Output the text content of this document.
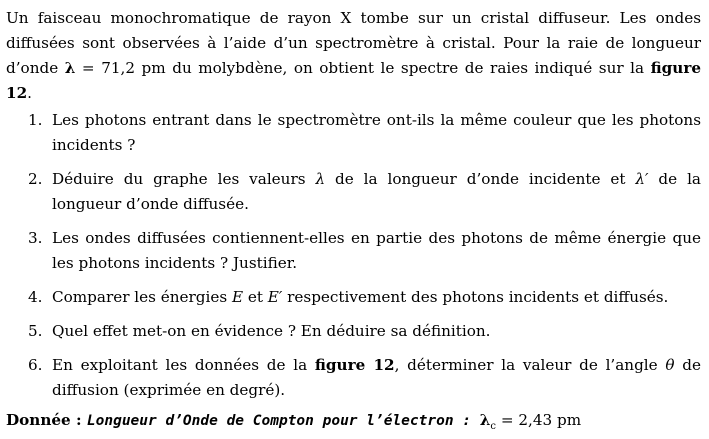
Un faisceau monochromatique de rayon X tombe sur un cristal diffuseur. Les ondes diffusées sont observées à l’aide d’un spectromètre à cristal. Pour la raie de longueur d’onde λ = 71,2 pm du molybdène, on obtient le spectre de raies indiqué sur la figure 12.

1. Les photons entrant dans le spectromètre ont-ils la même couleur que les photons incidents ?
2. Déduire du graphe les valeurs λ de la longueur d’onde incidente et λ′ de la longueur d’onde diffusée.
3. Les ondes diffusées contiennent-elles en partie des photons de même énergie que les photons incidents ? Justifier.
4. Comparer les énergies E et E′ respectivement des photons incidents et diffusés.
5. Quel effet met-on en évidence ? En déduire sa définition.
6. En exploitant les données de la figure 12, déterminer la valeur de l’angle θ de diffusion (exprimée en degré).

Donnée : Longueur d’Onde de Compton pour l’électron : $\lambda_c = 2,43$ pm
